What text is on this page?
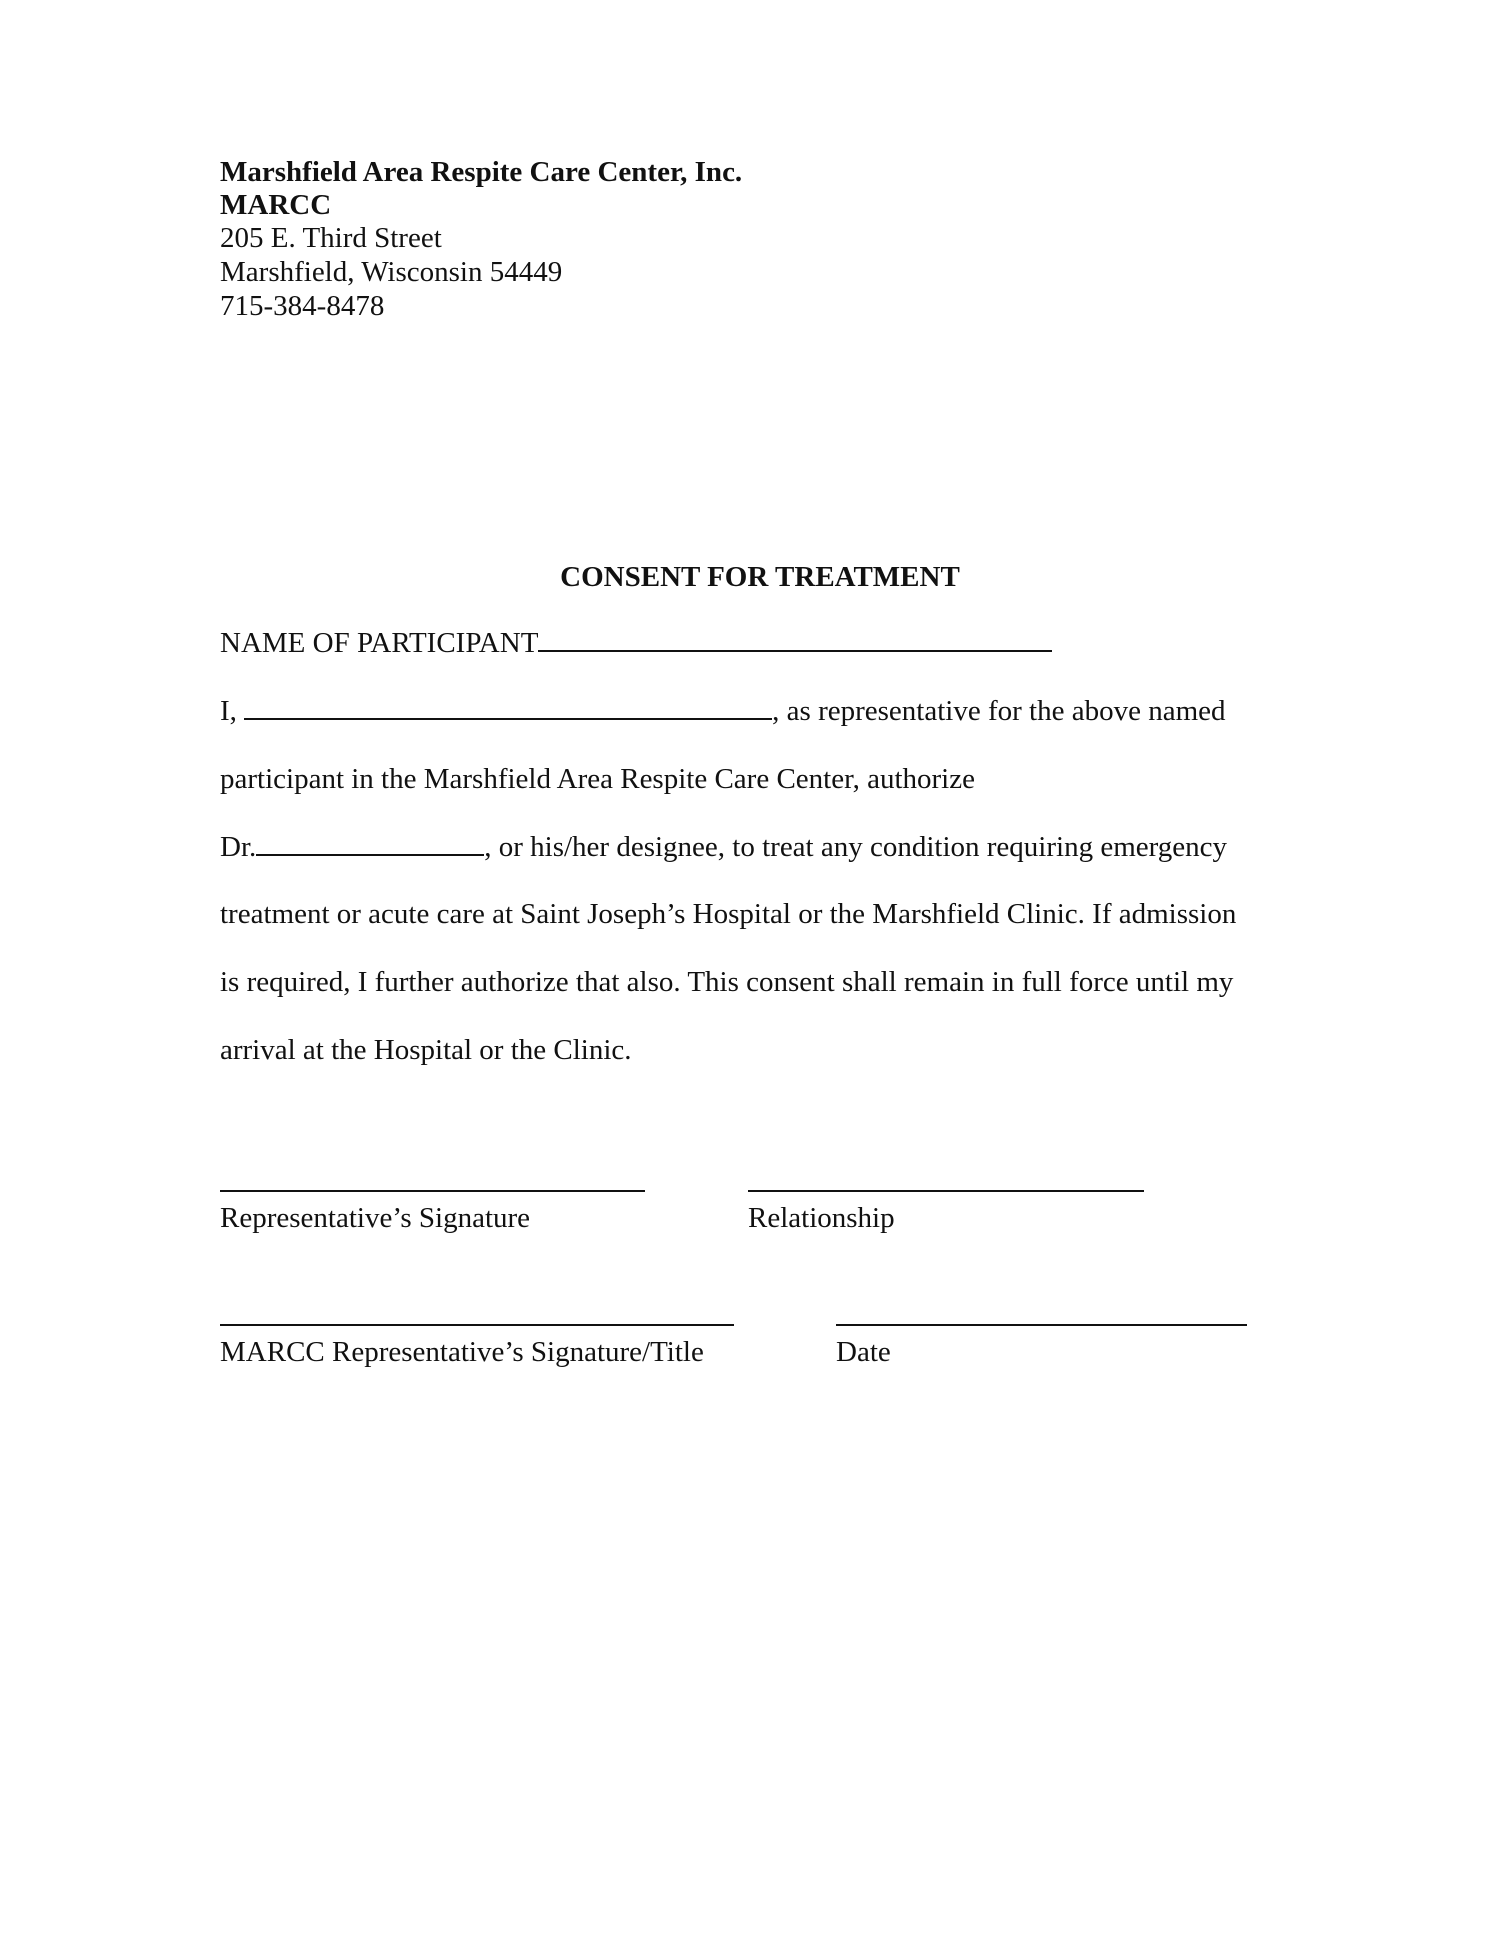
Marshfield Area Respite Care Center, Inc.
MARCC
205 E. Third Street
Marshfield, Wisconsin 54449
715-384-8478
CONSENT FOR TREATMENT
NAME OF PARTICIPANT
I,	, as representative for the above named
participant in the Marshfield Area Respite Care Center, authorize
Dr.	, or his/her designee, to treat any condition requiring emergency
treatment or acute care at Saint Joseph’s Hospital or the Marshfield Clinic. If admission
is required, I further authorize that also. This consent shall remain in full force until my
arrival at the Hospital or the Clinic.
Representative’s Signature	Relationship
MARCC Representative’s Signature/Title	Date
